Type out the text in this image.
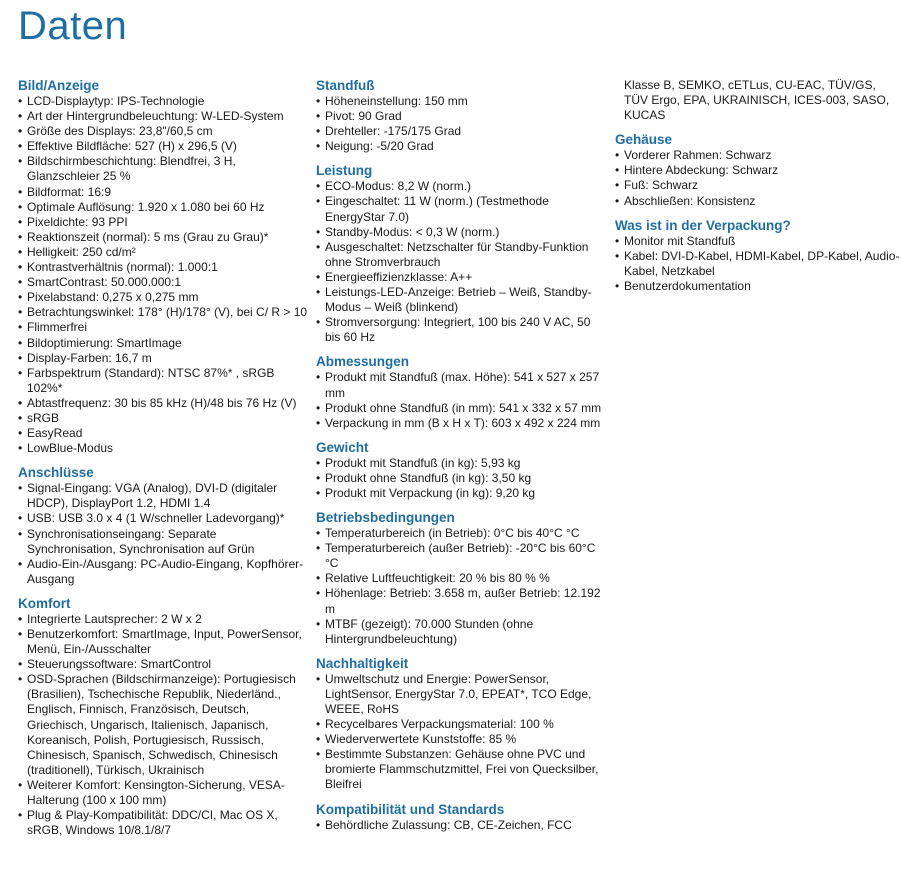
Daten
Bild/Anzeige
• LCD-Displaytyp: IPS-Technologie
• Art der Hintergrundbeleuchtung: W-LED-System
• Größe des Displays: 23,8"/60,5 cm
• Effektive Bildfläche: 527 (H) x 296,5 (V)
• Bildschirmbeschichtung: Blendfrei, 3 H, Glanzschleier 25 %
• Bildformat: 16:9
• Optimale Auflösung: 1.920 x 1.080 bei 60 Hz
• Pixeldichte: 93 PPI
• Reaktionszeit (normal): 5 ms (Grau zu Grau)*
• Helligkeit: 250 cd/m²
• Kontrastverhältnis (normal): 1.000:1
• SmartContrast: 50.000.000:1
• Pixelabstand: 0,275 x 0,275 mm
• Betrachtungswinkel: 178° (H)/178° (V), bei C/ R > 10
• Flimmerfrei
• Bildoptimierung: SmartImage
• Display-Farben: 16,7 m
• Farbspektrum (Standard): NTSC 87%* , sRGB 102%*
• Abtastfrequenz: 30 bis 85 kHz (H)/48 bis 76 Hz (V)
• sRGB
• EasyRead
• LowBlue-Modus
Anschlüsse
• Signal-Eingang: VGA (Analog), DVI-D (digitaler HDCP), DisplayPort 1.2, HDMI 1.4
• USB: USB 3.0 x 4 (1 W/schneller Ladevorgang)*
• Synchronisationseingang: Separate Synchronisation, Synchronisation auf Grün
• Audio-Ein-/Ausgang: PC-Audio-Eingang, Kopfhörer-Ausgang
Komfort
• Integrierte Lautsprecher: 2 W x 2
• Benutzerkomfort: SmartImage, Input, PowerSensor, Menü, Ein-/Ausschalter
• Steuerungssoftware: SmartControl
• OSD-Sprachen (Bildschirmanzeige): Portugiesisch (Brasilien), Tschechische Republik, Niederländ., Englisch, Finnisch, Französisch, Deutsch, Griechisch, Ungarisch, Italienisch, Japanisch, Koreanisch, Polish, Portugiesisch, Russisch, Chinesisch, Spanisch, Schwedisch, Chinesisch (traditionell), Türkisch, Ukrainisch
• Weiterer Komfort: Kensington-Sicherung, VESA-Halterung (100 x 100 mm)
• Plug & Play-Kompatibilität: DDC/CI, Mac OS X, sRGB, Windows 10/8.1/8/7
Standfuß
• Höheneinstellung: 150 mm
• Pivot: 90 Grad
• Drehteller: -175/175 Grad
• Neigung: -5/20 Grad
Leistung
• ECO-Modus: 8,2 W (norm.)
• Eingeschaltet: 11 W (norm.) (Testmethode EnergyStar 7.0)
• Standby-Modus: < 0,3 W (norm.)
• Ausgeschaltet: Netzschalter für Standby-Funktion ohne Stromverbrauch
• Energieeffizienzklasse: A++
• Leistungs-LED-Anzeige: Betrieb – Weiß, Standby-Modus – Weiß (blinkend)
• Stromversorgung: Integriert, 100 bis 240 V AC, 50 bis 60 Hz
Abmessungen
• Produkt mit Standfuß (max. Höhe): 541 x 527 x 257 mm
• Produkt ohne Standfuß (in mm): 541 x 332 x 57 mm
• Verpackung in mm (B x H x T): 603 x 492 x 224 mm
Gewicht
• Produkt mit Standfuß (in kg): 5,93 kg
• Produkt ohne Standfuß (in kg): 3,50 kg
• Produkt mit Verpackung (in kg): 9,20 kg
Betriebsbedingungen
• Temperaturbereich (in Betrieb): 0°C bis 40°C °C
• Temperaturbereich (außer Betrieb): -20°C bis 60°C °C
• Relative Luftfeuchtigkeit: 20 % bis 80 % %
• Höhenlage: Betrieb: 3.658 m, außer Betrieb: 12.192 m
• MTBF (gezeigt): 70.000 Stunden (ohne Hintergrundbeleuchtung)
Nachhaltigkeit
• Umweltschutz und Energie: PowerSensor, LightSensor, EnergyStar 7.0, EPEAT*, TCO Edge, WEEE, RoHS
• Recycelbares Verpackungsmaterial: 100 %
• Wiederverwertete Kunststoffe: 85 %
• Bestimmte Substanzen: Gehäuse ohne PVC und bromierte Flammschutzmittel, Frei von Quecksilber, Bleifrei
Kompatibilität und Standards
• Behördliche Zulassung: CB, CE-Zeichen, FCC
Klasse B, SEMKO, cETLus, CU-EAC, TÜV/GS, TÜV Ergo, EPA, UKRAINISCH, ICES-003, SASO, KUCAS
Gehäuse
• Vorderer Rahmen: Schwarz
• Hintere Abdeckung: Schwarz
• Fuß: Schwarz
• Abschließen: Konsistenz
Was ist in der Verpackung?
• Monitor mit Standfuß
• Kabel: DVI-D-Kabel, HDMI-Kabel, DP-Kabel, Audio-Kabel, Netzkabel
• Benutzerdokumentation
